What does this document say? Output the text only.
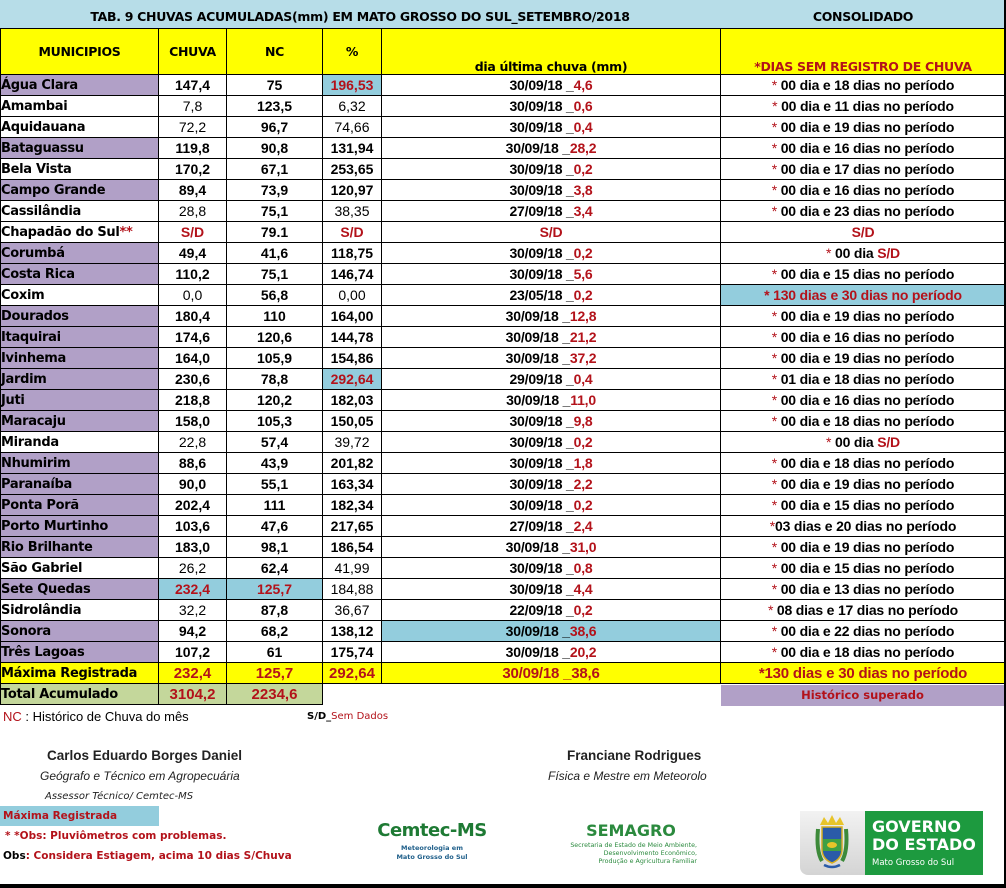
TAB. 9 CHUVAS ACUMULADAS(mm) EM MATO GROSSO DO SUL_SETEMBRO/2018	CONSOLIDADO
MUNICIPIOS	CHUVA	NC	%	dia última chuva (mm)	*DIAS SEM REGISTRO DE CHUVA
Água Clara	147,4	75	196,53	30/09/18 _4,6	* 00 dia e 18 dias no período
Amambai	7,8	123,5	6,32	30/09/18 _0,6	* 00 dia e 11 dias no período
Aquidauana	72,2	96,7	74,66	30/09/18 _0,4	* 00 dia e 19 dias no período
Bataguassu	119,8	90,8	131,94	30/09/18 _28,2	* 00 dia e 16 dias no período
Bela Vista	170,2	67,1	253,65	30/09/18 _0,2	* 00 dia e 17 dias no período
Campo Grande	89,4	73,9	120,97	30/09/18 _3,8	* 00 dia e 16 dias no período
Cassilândia	28,8	75,1	38,35	27/09/18 _3,4	* 00 dia e 23 dias no período
Chapadão do Sul**	S/D	79.1	S/D	S/D	S/D
Corumbá	49,4	41,6	118,75	30/09/18 _0,2	* 00 dia S/D
Costa Rica	110,2	75,1	146,74	30/09/18 _5,6	* 00 dia e 15 dias no período
Coxim	0,0	56,8	0,00	23/05/18 _0,2	* 130 dias e 30 dias no período
Dourados	180,4	110	164,00	30/09/18 _12,8	* 00 dia e 19 dias no período
Itaquirai	174,6	120,6	144,78	30/09/18 _21,2	* 00 dia e 16 dias no período
Ivinhema	164,0	105,9	154,86	30/09/18 _37,2	* 00 dia e 19 dias no período
Jardim	230,6	78,8	292,64	29/09/18 _0,4	* 01 dia e 18 dias no período
Juti	218,8	120,2	182,03	30/09/18 _11,0	* 00 dia e 16 dias no período
Maracaju	158,0	105,3	150,05	30/09/18 _9,8	* 00 dia e 18 dias no período
Miranda	22,8	57,4	39,72	30/09/18 _0,2	* 00 dia S/D
Nhumirim	88,6	43,9	201,82	30/09/18 _1,8	* 00 dia e 18 dias no período
Paranaíba	90,0	55,1	163,34	30/09/18 _2,2	* 00 dia e 19 dias no período
Ponta Porã	202,4	111	182,34	30/09/18 _0,2	* 00 dia e 15 dias no período
Porto Murtinho	103,6	47,6	217,65	27/09/18 _2,4	*03 dias e 20 dias no período
Rio Brilhante	183,0	98,1	186,54	30/09/18 _31,0	* 00 dia e 19 dias no período
São Gabriel	26,2	62,4	41,99	30/09/18 _0,8	* 00 dia e 15 dias no período
Sete Quedas	232,4	125,7	184,88	30/09/18 _4,4	* 00 dia e 13 dias no período
Sidrolândia	32,2	87,8	36,67	22/09/18 _0,2	* 08 dias e 17 dias no período
Sonora	94,2	68,2	138,12	30/09/18 _38,6	* 00 dia e 22 dias no período
Três Lagoas	107,2	61	175,74	30/09/18 _20,2	* 00 dia e 18 dias no período
Máxima Registrada	232,4	125,7	292,64	30/09/18 _38,6	*130 dias e 30 dias no período
Total Acumulado	3104,2	2234,6				Histórico superado
NC : Histórico de Chuva do mês	S/D_Sem Dados
Carlos Eduardo Borges Daniel
Geógrafo e Técnico em Agropecuária
Assessor Técnico/ Cemtec-MS
Franciane Rodrigues
Física e Mestre em Meteorolo
Máxima Registrada
* *Obs: Pluviômetros com problemas.
Obs: Considera Estiagem, acima 10 dias S/Chuva
Cemtec-MS
Meteorologia em
Mato Grosso do Sul
SEMAGRO
Secretaria de Estado de Meio Ambiente,
Desenvolvimento Econômico,
Produção e Agricultura Familiar
GOVERNO
DO ESTADO
Mato Grosso do Sul
